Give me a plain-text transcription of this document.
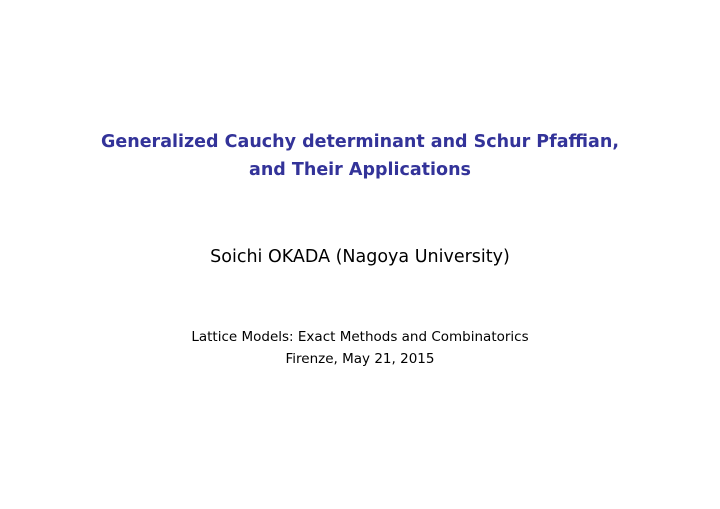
Generalized Cauchy determinant and Schur Pfaffian,
and Their Applications
Soichi OKADA (Nagoya University)
Lattice Models: Exact Methods and Combinatorics
Firenze, May 21, 2015
